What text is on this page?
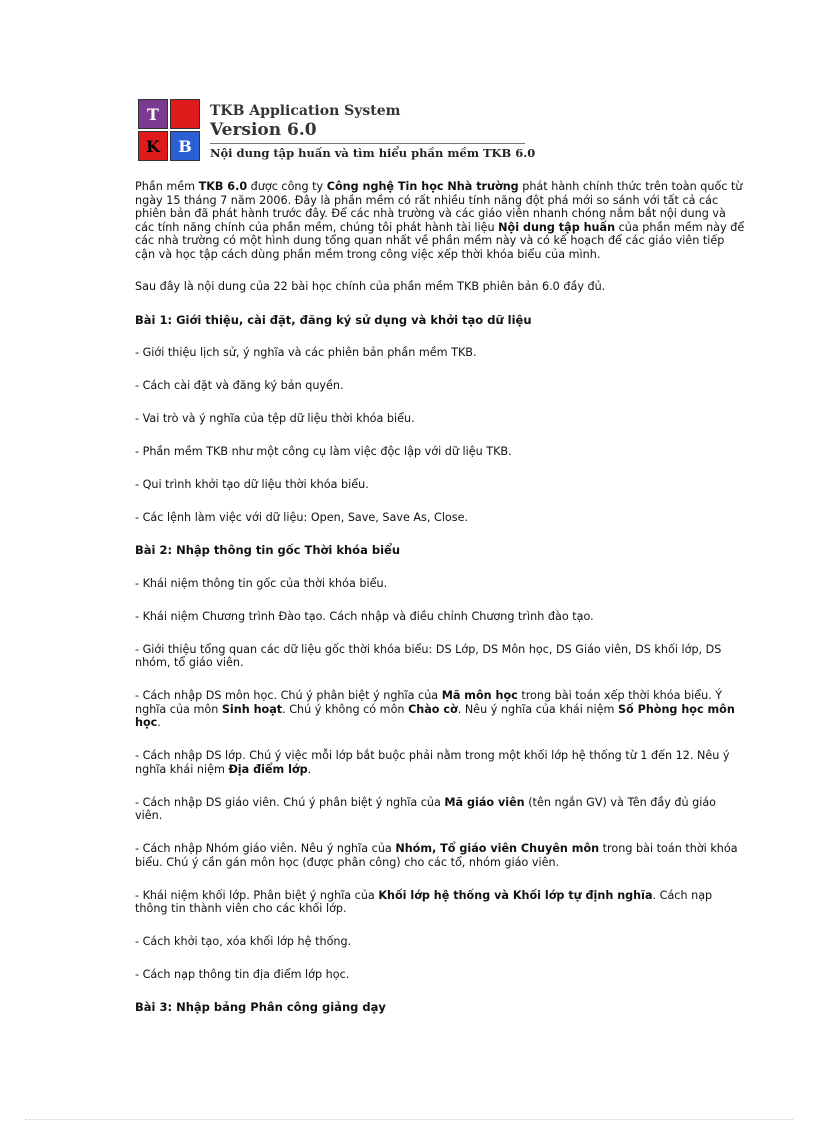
T
K	B
TKB Application System
Version 6.0
Nội dung tập huấn và tìm hiểu phần mềm TKB 6.0

Phần mềm TKB 6.0 được công ty Công nghệ Tin học Nhà trường phát hành chính thức trên toàn quốc từ ngày 15 tháng 7 năm 2006. Đây là phần mềm có rất nhiều tính năng đột phá mới so sánh với tất cả các phiên bản đã phát hành trước đây. Để các nhà trường và các giáo viên nhanh chóng nắm bắt nội dung và các tính năng chính của phần mềm, chúng tôi phát hành tài liệu Nội dung tập huấn của phần mềm này để các nhà trường có một hình dung tổng quan nhất về phần mềm này và có kế hoạch để các giáo viên tiếp cận và học tập cách dùng phần mềm trong công việc xếp thời khóa biểu của mình.

Sau đây là nội dung của 22 bài học chính của phần mềm TKB phiên bản 6.0 đầy đủ.

Bài 1: Giới thiệu, cài đặt, đăng ký sử dụng và khởi tạo dữ liệu

- Giới thiệu lịch sử, ý nghĩa và các phiên bản phần mềm TKB.

- Cách cài đặt và đăng ký bản quyền.

- Vai trò và ý nghĩa của tệp dữ liệu thời khóa biểu.

- Phần mềm TKB như một công cụ làm việc độc lập với dữ liệu TKB.

- Qui trình khởi tạo dữ liệu thời khóa biểu.

- Các lệnh làm việc với dữ liệu: Open, Save, Save As, Close.

Bài 2: Nhập thông tin gốc Thời khóa biểu

- Khái niệm thông tin gốc của thời khóa biểu.

- Khái niệm Chương trình Đào tạo. Cách nhập và điều chỉnh Chương trình đào tạo.

- Giới thiệu tổng quan các dữ liệu gốc thời khóa biểu: DS Lớp, DS Môn học, DS Giáo viên, DS khối lớp, DS nhóm, tổ giáo viên.

- Cách nhập DS môn học. Chú ý phân biệt ý nghĩa của Mã môn học trong bài toán xếp thời khóa biểu. Ý nghĩa của môn Sinh hoạt. Chú ý không có môn Chào cờ. Nêu ý nghĩa của khái niệm Số Phòng học môn học.

- Cách nhập DS lớp. Chú ý việc mỗi lớp bắt buộc phải nằm trong một khối lớp hệ thống từ 1 đến 12. Nêu ý nghĩa khái niệm Địa điểm lớp.

- Cách nhập DS giáo viên. Chú ý phân biệt ý nghĩa của Mã giáo viên (tên ngắn GV) và Tên đầy đủ giáo viên.

- Cách nhập Nhóm giáo viên. Nêu ý nghĩa của Nhóm, Tổ giáo viên Chuyên môn trong bài toán thời khóa biểu. Chú ý cần gán môn học (được phân công) cho các tổ, nhóm giáo viên.

- Khái niệm khối lớp. Phân biệt ý nghĩa của Khối lớp hệ thống và Khối lớp tự định nghĩa. Cách nạp thông tin thành viên cho các khối lớp.

- Cách khởi tạo, xóa khối lớp hệ thống.

- Cách nạp thông tin địa điểm lớp học.

Bài 3: Nhập bảng Phân công giảng dạy
